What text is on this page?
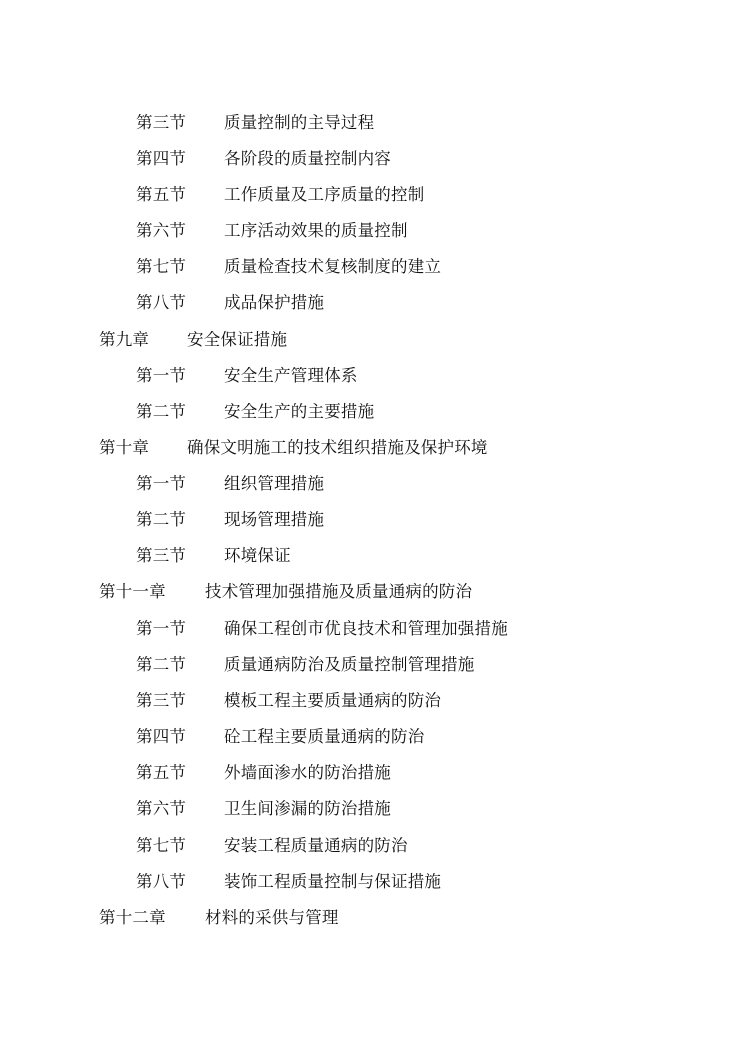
第三节 质量控制的主导过程
第四节 各阶段的质量控制内容
第五节 工作质量及工序质量的控制
第六节 工序活动效果的质量控制
第七节 质量检查技术复核制度的建立
第八节 成品保护措施
第九章 安全保证措施
第一节 安全生产管理体系
第二节 安全生产的主要措施
第十章 确保文明施工的技术组织措施及保护环境
第一节 组织管理措施
第二节 现场管理措施
第三节 环境保证
第十一章 技术管理加强措施及质量通病的防治
第一节 确保工程创市优良技术和管理加强措施
第二节 质量通病防治及质量控制管理措施
第三节 模板工程主要质量通病的防治
第四节 砼工程主要质量通病的防治
第五节 外墙面渗水的防治措施
第六节 卫生间渗漏的防治措施
第七节 安装工程质量通病的防治
第八节 装饰工程质量控制与保证措施
第十二章 材料的采供与管理
